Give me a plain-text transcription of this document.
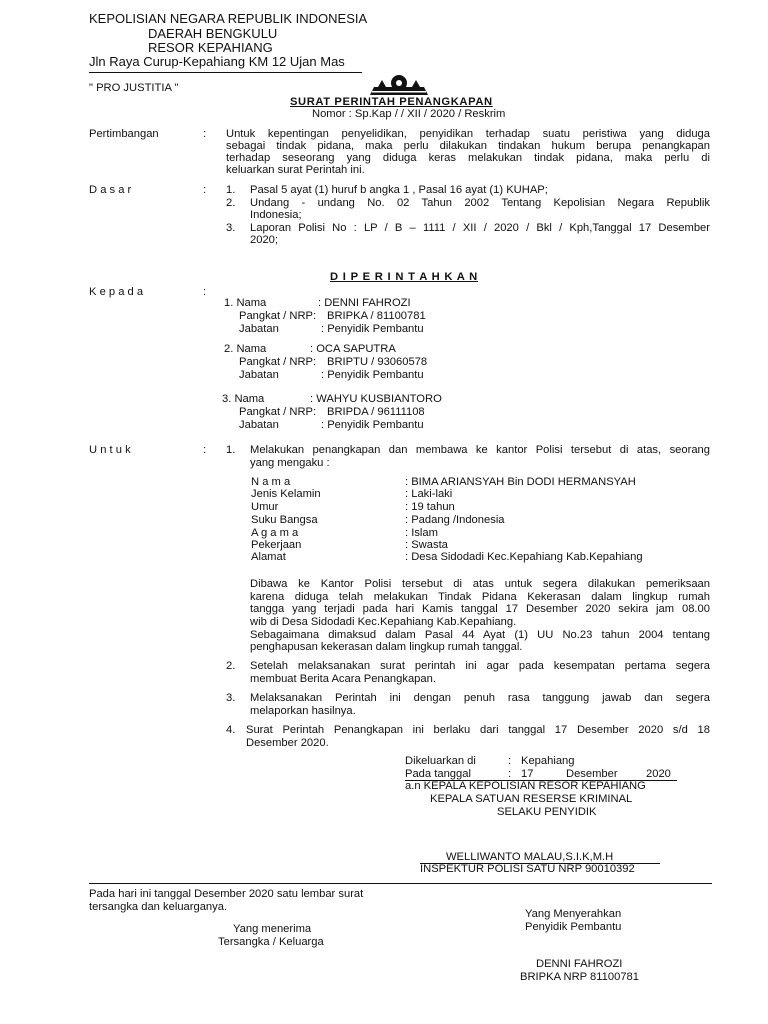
KEPOLISIAN NEGARA REPUBLIK INDONESIA
DAERAH BENGKULU
RESOR KEPAHIANG
Jln Raya Curup-Kepahiang KM 12 Ujan Mas
" PRO JUSTITIA "
SURAT PERINTAH PENANGKAPAN
Nomor : Sp.Kap / / XII / 2020 / Reskrim
Pertimbangan	: Untuk kepentingan penyelidikan, penyidikan terhadap suatu peristiwa yang diduga
sebagai tindak pidana, maka perlu dilakukan tindakan hukum berupa penangkapan
terhadap seseorang yang diduga keras melakukan tindak pidana, maka perlu di
keluarkan surat Perintah ini.
D a s a r	: 1. Pasal 5 ayat (1) huruf b angka 1 , Pasal 16 ayat (1) KUHAP;
2. Undang - undang No. 02 Tahun 2002 Tentang Kepolisian Negara Republik
Indonesia;
3. Laporan Polisi No : LP / B – 1111 / XII / 2020 / Bkl / Kph,Tanggal 17 Desember
2020;
D I P E R I N T A H K A N
K e p a d a	:
1. Nama	: DENNI FAHROZI
Pangkat / NRP: BRIPKA / 81100781
Jabatan	: Penyidik Pembantu
2. Nama	: OCA SAPUTRA
Pangkat / NRP: BRIPTU / 93060578
Jabatan	: Penyidik Pembantu
3. Nama	: WAHYU KUSBIANTORO
Pangkat / NRP: BRIPDA / 96111108
Jabatan	: Penyidik Pembantu
U n t u k	: 1. Melakukan penangkapan dan membawa ke kantor Polisi tersebut di atas, seorang
yang mengaku :
N a m a	: BIMA ARIANSYAH Bin DODI HERMANSYAH
Jenis Kelamin	: Laki-laki
Umur	: 19 tahun
Suku Bangsa	: Padang /Indonesia
A g a m a	: Islam
Pekerjaan	: Swasta
Alamat	: Desa Sidodadi Kec.Kepahiang Kab.Kepahiang
Dibawa ke Kantor Polisi tersebut di atas untuk segera dilakukan pemeriksaan
karena diduga telah melakukan Tindak Pidana Kekerasan dalam lingkup rumah
tangga yang terjadi pada hari Kamis tanggal 17 Desember 2020 sekira jam 08.00
wib di Desa Sidodadi Kec.Kepahiang Kab.Kepahiang.
Sebagaimana dimaksud dalam Pasal 44 Ayat (1) UU No.23 tahun 2004 tentang
penghapusan kekerasan dalam lingkup rumah tanggal.
2. Setelah melaksanakan surat perintah ini agar pada kesempatan pertama segera
membuat Berita Acara Penangkapan.
3. Melaksanakan Perintah ini dengan penuh rasa tanggung jawab dan segera
melaporkan hasilnya.
4. Surat Perintah Penangkapan ini berlaku dari tanggal 17 Desember 2020 s/d 18
Desember 2020.
Dikeluarkan di	: Kepahiang
Pada tanggal	: 17	Desember	2020
a.n KEPALA KEPOLISIAN RESOR KEPAHIANG
KEPALA SATUAN RESERSE KRIMINAL
SELAKU PENYIDIK
WELLIWANTO MALAU,S.I.K,M.H
INSPEKTUR POLISI SATU NRP 90010392
Pada hari ini tanggal Desember 2020 satu lembar surat
tersangka dan keluarganya.
Yang menerima
Tersangka / Keluarga
Yang Menyerahkan
Penyidik Pembantu
DENNI FAHROZI
BRIPKA NRP 81100781
